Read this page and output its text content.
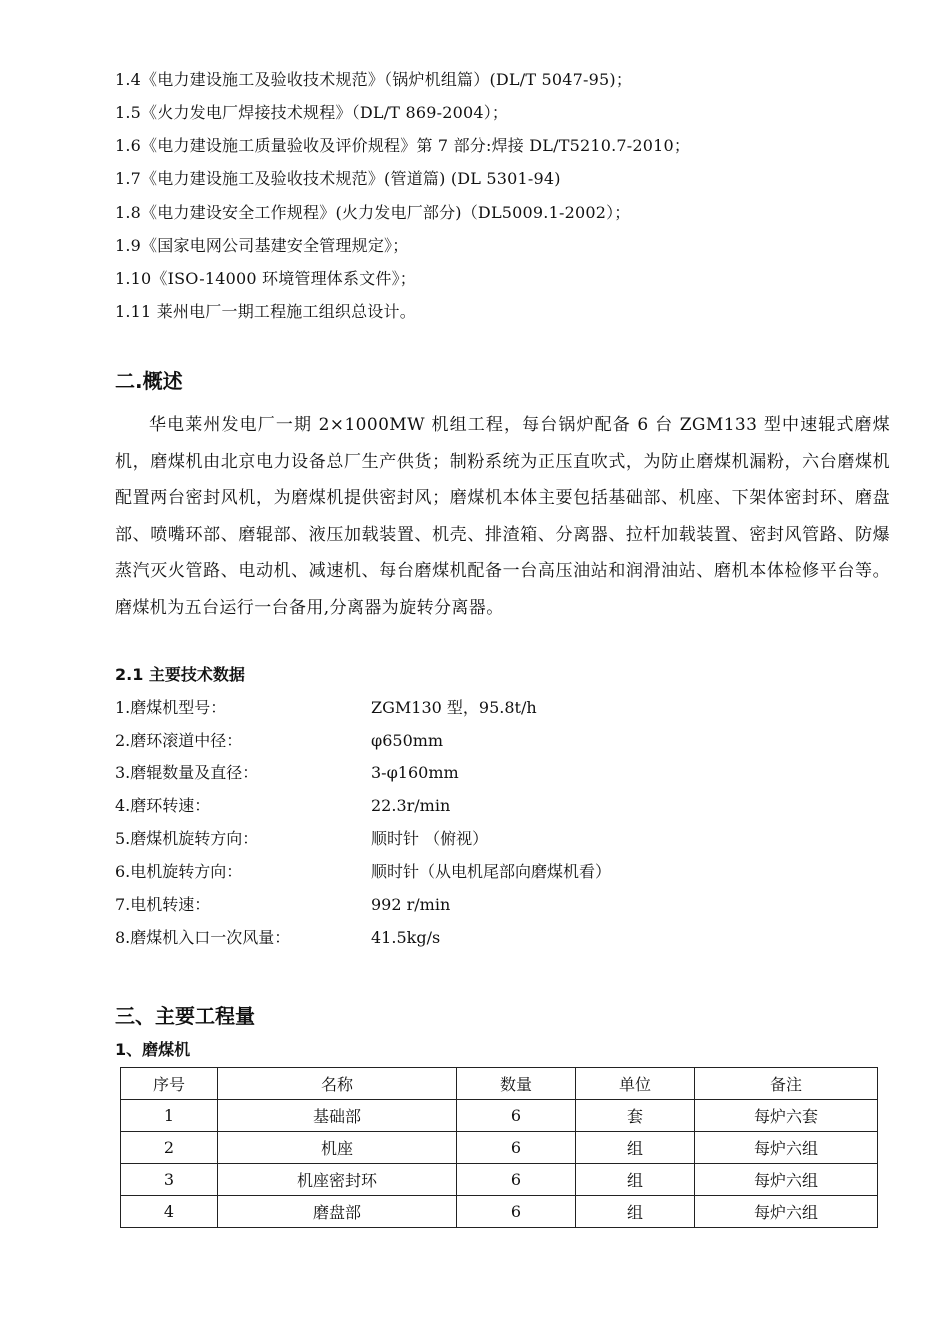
1.4《电力建设施工及验收技术规范》（锅炉机组篇）(DL/T 5047-95)；
1.5《火力发电厂焊接技术规程》（DL/T 869-2004）；
1.6《电力建设施工质量验收及评价规程》第 7 部分:焊接 DL/T5210.7-2010；
1.7《电力建设施工及验收技术规范》(管道篇) (DL 5301-94)
1.8《电力建设安全工作规程》(火力发电厂部分)（DL5009.1-2002）；
1.9《国家电网公司基建安全管理规定》；
1.10《ISO-14000 环境管理体系文件》；
1.11 莱州电厂一期工程施工组织总设计。
二.概述

华电莱州发电厂一期 2×1000MW 机组工程，每台锅炉配备 6 台 ZGM133 型中速辊式磨煤机，磨煤机由北京电力设备总厂生产供货；制粉系统为正压直吹式，为防止磨煤机漏粉，六台磨煤机配置两台密封风机，为磨煤机提供密封风；磨煤机本体主要包括基础部、机座、下架体密封环、磨盘部、喷嘴环部、磨辊部、液压加载装置、机壳、排渣箱、分离器、拉杆加载装置、密封风管路、防爆蒸汽灭火管路、电动机、减速机、每台磨煤机配备一台高压油站和润滑油站、磨机本体检修平台等。磨煤机为五台运行一台备用,分离器为旋转分离器。

2.1 主要技术数据
1.磨煤机型号：	ZGM130 型，95.8t/h
2.磨环滚道中径：	φ650mm
3.磨辊数量及直径：	3-φ160mm
4.磨环转速：	22.3r/min
5.磨煤机旋转方向：	顺时针 （俯视）
6.电机旋转方向：	顺时针（从电机尾部向磨煤机看）
7.电机转速：	992 r/min
8.磨煤机入口一次风量：	41.5kg/s
三、主要工程量
1、磨煤机
序号	名称	数量	单位	备注
1	基础部	6	套	每炉六套
2	机座	6	组	每炉六组
3	机座密封环	6	组	每炉六组
4	磨盘部	6	组	每炉六组
